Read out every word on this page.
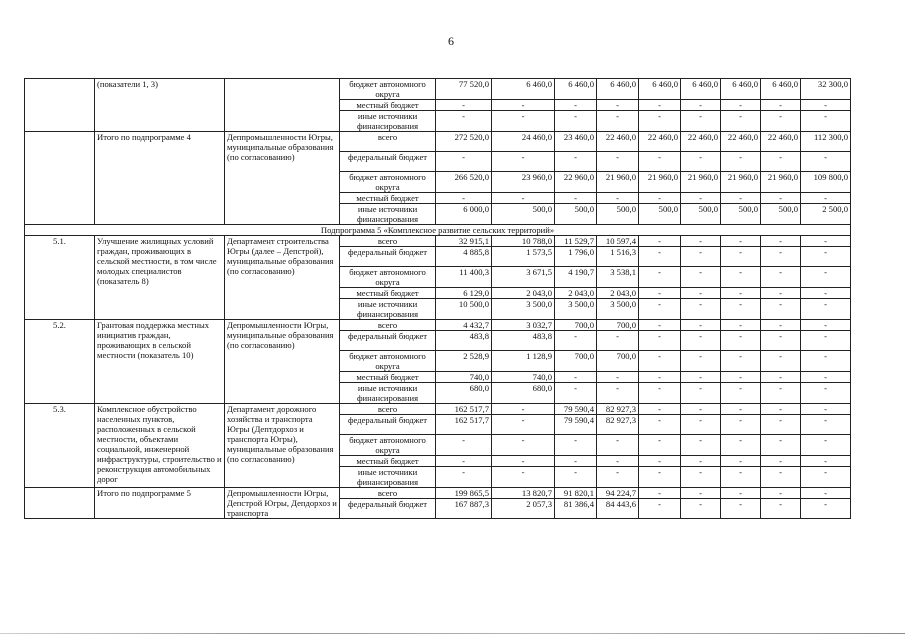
6
	(показатели 1, 3)		бюджет автономного округа	77 520,0	6 460,0	6 460,0	6 460,0	6 460,0	6 460,0	6 460,0	6 460,0	32 300,0
			местный бюджет	-	-	-	-	-	-	-	-	-
			иные источники финансирования	-	-	-	-	-	-	-	-	-
	Итого по подпрограмме 4	Деппромышленности Югры, муниципальные образования (по согласованию)	всего	272 520,0	24 460,0	23 460,0	22 460,0	22 460,0	22 460,0	22 460,0	22 460,0	112 300,0
			федеральный бюджет	-	-	-	-	-	-	-	-	-
			бюджет автономного округа	266 520,0	23 960,0	22 960,0	21 960,0	21 960,0	21 960,0	21 960,0	21 960,0	109 800,0
			местный бюджет	-	-	-	-	-	-	-	-	-
			иные источники финансирования	6 000,0	500,0	500,0	500,0	500,0	500,0	500,0	500,0	2 500,0
Подпрограмма 5 «Комплексное развитие сельских территорий»												
5.1.	Улучшение жилищных условий граждан, проживающих в сельской местности, в том числе молодых специалистов (показатель 8)	Департамент строительства Югры (далее – Депстрой), муниципальные образования (по согласованию)	всего	32 915,1	10 788,0	11 529,7	10 597,4	-	-	-	-	-
			федеральный бюджет	4 885,8	1 573,5	1 796,0	1 516,3	-	-	-	-	-
			бюджет автономного округа	11 400,3	3 671,5	4 190,7	3 538,1	-	-	-	-	-
			местный бюджет	6 129,0	2 043,0	2 043,0	2 043,0	-	-	-	-	-
			иные источники финансирования	10 500,0	3 500,0	3 500,0	3 500,0	-	-	-	-	-
5.2.	Грантовая поддержка местных инициатив граждан, проживающих в сельской местности (показатель 10)	Депромышленности Югры, муниципальные образования (по согласованию)	всего	4 432,7	3 032,7	700,0	700,0	-	-	-	-	-
			федеральный бюджет	483,8	483,8	-	-	-	-	-	-	-
			бюджет автономного округа	2 528,9	1 128,9	700,0	700,0	-	-	-	-	-
			местный бюджет	740,0	740,0	-	-	-	-	-	-	-
			иные источники финансирования	680,0	680,0	-	-	-	-	-	-	-
5.3.	Комплексное обустройство населенных пунктов, расположенных в сельской местности, объектами социальной, инженерной инфраструктуры, строительство и реконструкция автомобильных дорог	Департамент дорожного хозяйства и транспорта Югры (Дептдорхоз и транспорта Югры), муниципальные образования (по согласованию)	всего	162 517,7	-	79 590,4	82 927,3	-	-	-	-	-
			федеральный бюджет	162 517,7	-	79 590,4	82 927,3	-	-	-	-	-
			бюджет автономного округа	-	-	-	-	-	-	-	-	-
			местный бюджет	-	-	-	-	-	-	-	-	-
			иные источники финансирования	-	-	-	-	-	-	-	-	-
	Итого по подпрограмме 5	Депромышленности Югры, Депстрой Югры, Депдорхоз и транспорта	всего	199 865,5	13 820,7	91 820,1	94 224,7	-	-	-	-	-
			федеральный бюджет	167 887,3	2 057,3	81 386,4	84 443,6	-	-	-	-	-
